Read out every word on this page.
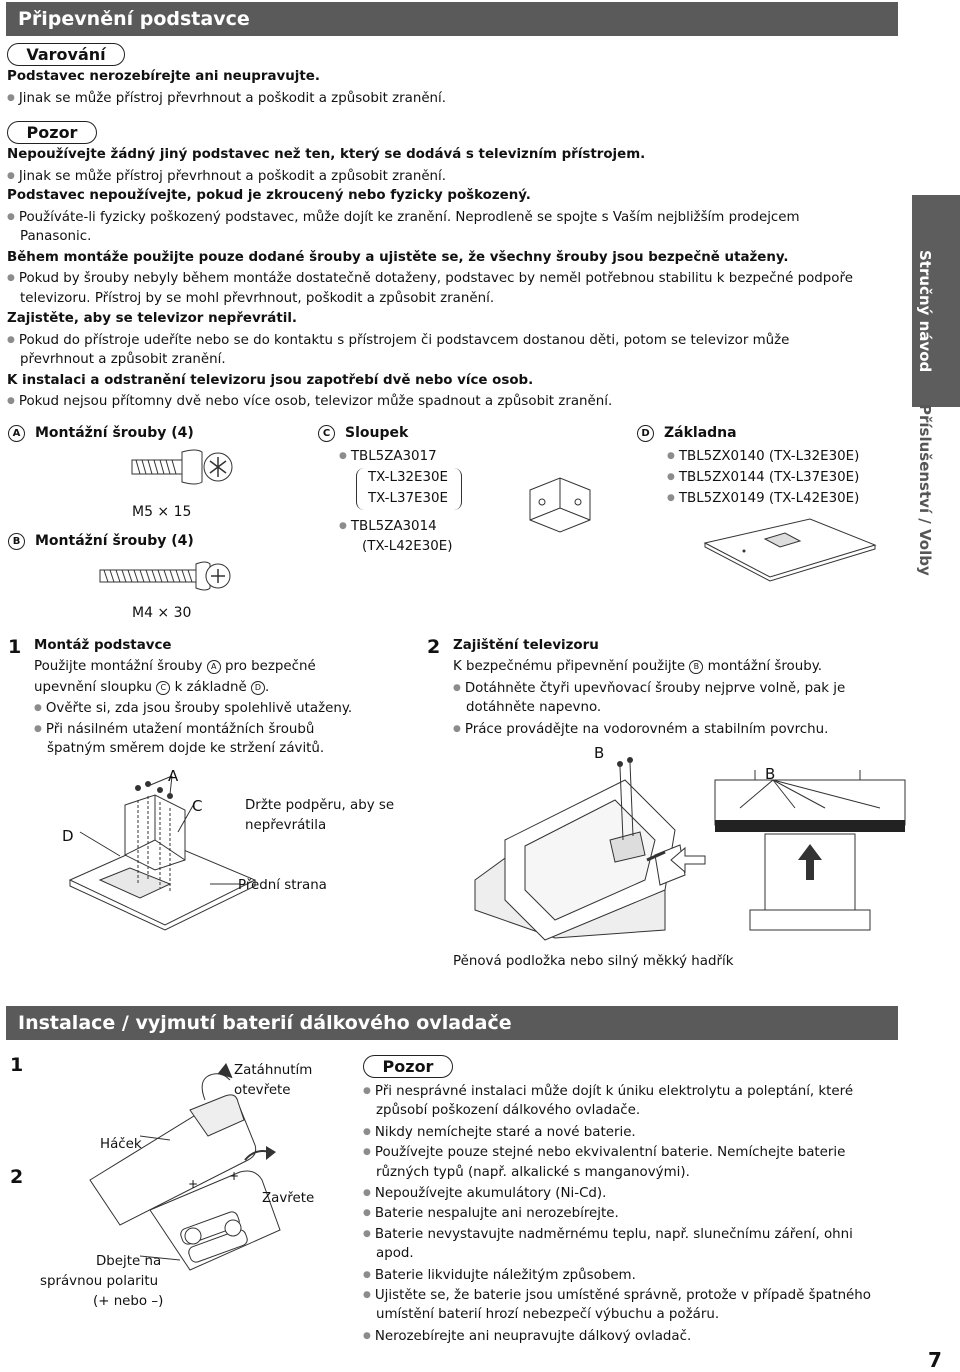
Připevnění podstavce
Varování
Podstavec nerozebírejte ani neupravujte.
● Jinak se může přístroj převrhnout a poškodit a způsobit zranění.
Pozor
Nepoužívejte žádný jiný podstavec než ten, který se dodává s televizním přístrojem.
● Jinak se může přístroj převrhnout a poškodit a způsobit zranění.
Podstavec nepoužívejte, pokud je zkroucený nebo fyzicky poškozený.
● Používáte-li fyzicky poškozený podstavec, může dojít ke zranění. Neprodleně se spojte s Vaším nejbližším prodejcem
Panasonic.
Během montáže použijte pouze dodané šrouby a ujistěte se, že všechny šrouby jsou bezpečně utaženy.
● Pokud by šrouby nebyly během montáže dostatečně dotaženy, podstavec by neměl potřebnou stabilitu k bezpečné podpoře
televizoru. Přístroj by se mohl převrhnout, poškodit a způsobit zranění.
Zajistěte, aby se televizor nepřevrátil.
● Pokud do přístroje udeříte nebo se do kontaktu s přístrojem či podstavcem dostanou děti, potom se televizor může
převrhnout a způsobit zranění.
K instalaci a odstranění televizoru jsou zapotřebí dvě nebo více osob.
● Pokud nejsou přítomny dvě nebo více osob, televizor může spadnout a způsobit zranění.
A Montážní šrouby (4)
M5 × 15
B Montážní šrouby (4)
M4 × 30
C Sloupek
● TBL5ZA3017
TX-L32E30E
TX-L37E30E
● TBL5ZA3014
(TX-L42E30E)
D Základna
● TBL5ZX0140 (TX-L32E30E)
● TBL5ZX0144 (TX-L37E30E)
● TBL5ZX0149 (TX-L42E30E)
1 Montáž podstavce
Použijte montážní šrouby A pro bezpečné
upevnění sloupku C k základně D .
● Ověřte si, zda jsou šrouby spolehlivě utaženy.
● Při násilném utažení montážních šroubů
špatným směrem dojde ke stržení závitů.
A
C
D
Držte podpěru, aby se
nepřevrátila
Přední strana
2 Zajištění televizoru
K bezpečnému připevnění použijte B montážní šrouby.
● Dotáhněte čtyři upevňovací šrouby nejprve volně, pak je
dotáhněte napevno.
● Práce provádějte na vodorovném a stabilním povrchu.
B
B
Pěnová podložka nebo silný měkký hadřík
Instalace / vyjmutí baterií dálkového ovladače
1
2	+
+
Zatáhnutím
otevřete
Háček
Zavřete
Dbejte na
správnou polaritu
(+ nebo –)
Pozor
● Při nesprávné instalaci může dojít k úniku elektrolytu a poleptání, které
způsobí poškození dálkového ovladače.
● Nikdy nemíchejte staré a nové baterie.
● Používejte pouze stejné nebo ekvivalentní baterie. Nemíchejte baterie
různých typů (např. alkalické s manganovými).
● Nepoužívejte akumulátory (Ni-Cd).
● Baterie nespalujte ani nerozebírejte.
● Baterie nevystavujte nadměrnému teplu, např. slunečnímu záření, ohni
apod.
● Baterie likvidujte náležitým způsobem.
● Ujistěte se, že baterie jsou umístěné správně, protože v případě špatného
umístění baterií hrozí nebezpečí výbuchu a požáru.
● Nerozebírejte ani neupravujte dálkový ovladač.
Stručný návod
Příslušenství / Volby
7
